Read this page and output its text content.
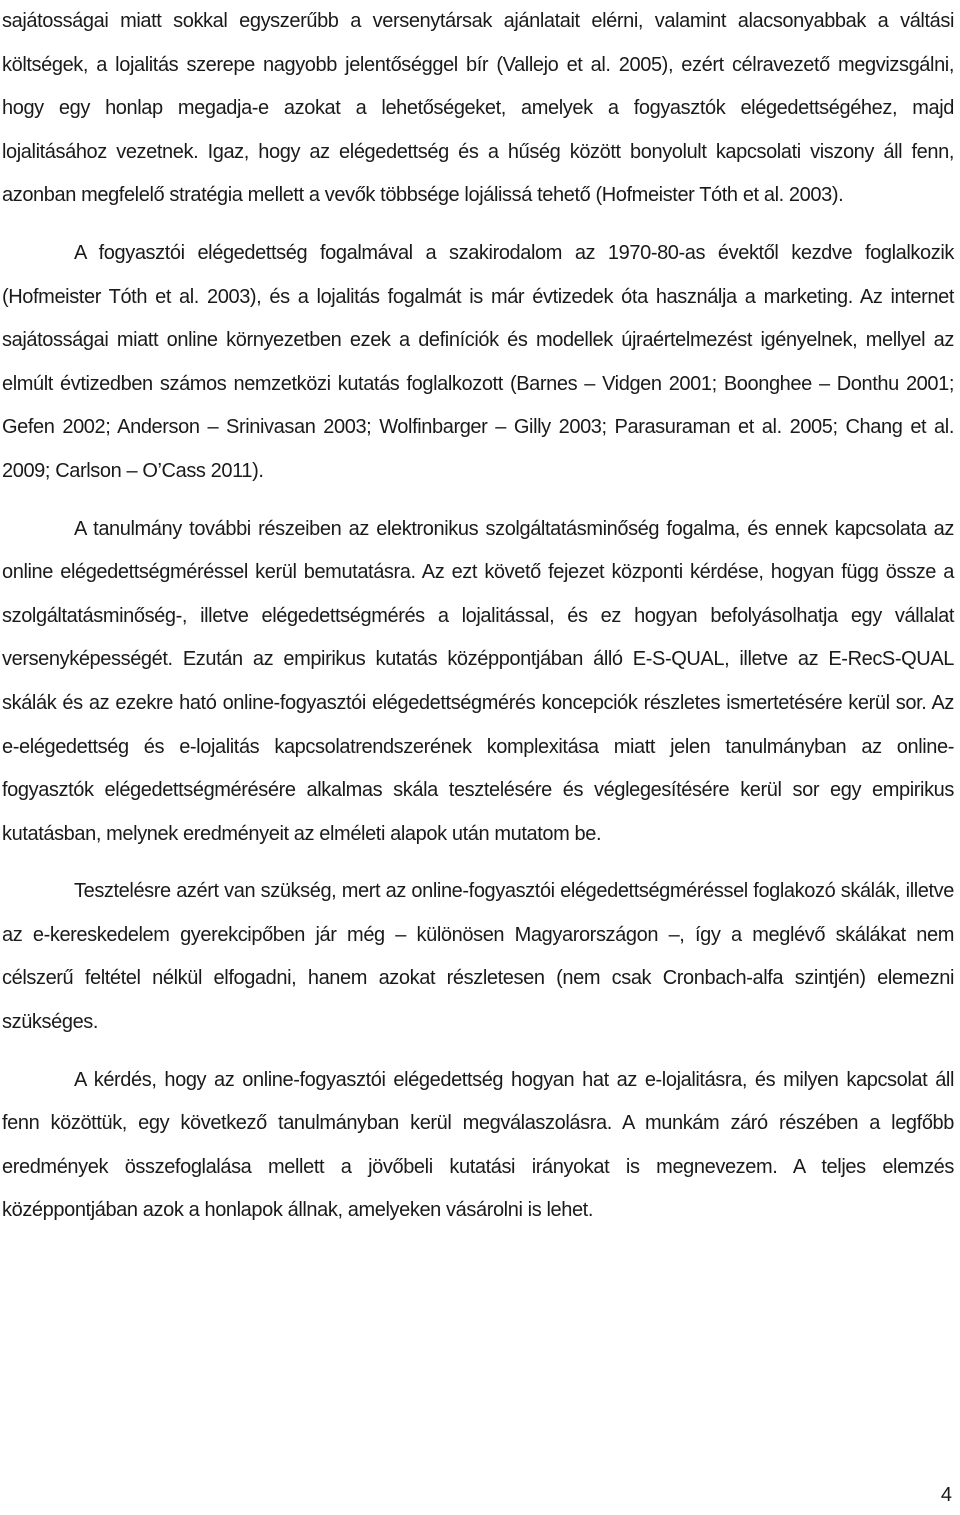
sajátosságai miatt sokkal egyszerűbb a versenytársak ajánlatait elérni, valamint alacsonyabbak a váltási költségek, a lojalitás szerepe nagyobb jelentőséggel bír (Vallejo et al. 2005), ezért célravezető megvizsgálni, hogy egy honlap megadja-e azokat a lehetőségeket, amelyek a fogyasztók elégedettségéhez, majd lojalitásához vezetnek. Igaz, hogy az elégedettség és a hűség között bonyolult kapcsolati viszony áll fenn, azonban megfelelő stratégia mellett a vevők többsége lojálissá tehető (Hofmeister Tóth et al. 2003).

A fogyasztói elégedettség fogalmával a szakirodalom az 1970-80-as évektől kezdve foglalkozik (Hofmeister Tóth et al. 2003), és a lojalitás fogalmát is már évtizedek óta használja a marketing. Az internet sajátosságai miatt online környezetben ezek a definíciók és modellek újraértelmezést igényelnek, mellyel az elmúlt évtizedben számos nemzetközi kutatás foglalkozott (Barnes – Vidgen 2001; Boonghee – Donthu 2001; Gefen 2002; Anderson – Srinivasan 2003; Wolfinbarger – Gilly 2003; Parasuraman et al. 2005; Chang et al. 2009; Carlson – O’Cass 2011).

A tanulmány további részeiben az elektronikus szolgáltatásminőség fogalma, és ennek kapcsolata az online elégedettségméréssel kerül bemutatásra. Az ezt követő fejezet központi kérdése, hogyan függ össze a szolgáltatásminőség-, illetve elégedettségmérés a lojalitással, és ez hogyan befolyásolhatja egy vállalat versenyképességét. Ezután az empirikus kutatás középpontjában álló E-S-QUAL, illetve az E-RecS-QUAL skálák és az ezekre ható online-fogyasztói elégedettségmérés koncepciók részletes ismertetésére kerül sor. Az e-elégedettség és e-lojalitás kapcsolatrendszerének komplexitása miatt jelen tanulmányban az online-fogyasztók elégedettségmérésére alkalmas skála tesztelésére és véglegesítésére kerül sor egy empirikus kutatásban, melynek eredményeit az elméleti alapok után mutatom be.

Tesztelésre azért van szükség, mert az online-fogyasztói elégedettségméréssel foglakozó skálák, illetve az e-kereskedelem gyerekcipőben jár még – különösen Magyarországon –, így a meglévő skálákat nem célszerű feltétel nélkül elfogadni, hanem azokat részletesen (nem csak Cronbach-alfa szintjén) elemezni szükséges.

A kérdés, hogy az online-fogyasztói elégedettség hogyan hat az e-lojalitásra, és milyen kapcsolat áll fenn közöttük, egy következő tanulmányban kerül megválaszolásra. A munkám záró részében a legfőbb eredmények összefoglalása mellett a jövőbeli kutatási irányokat is megnevezem. A teljes elemzés középpontjában azok a honlapok állnak, amelyeken vásárolni is lehet.

4
